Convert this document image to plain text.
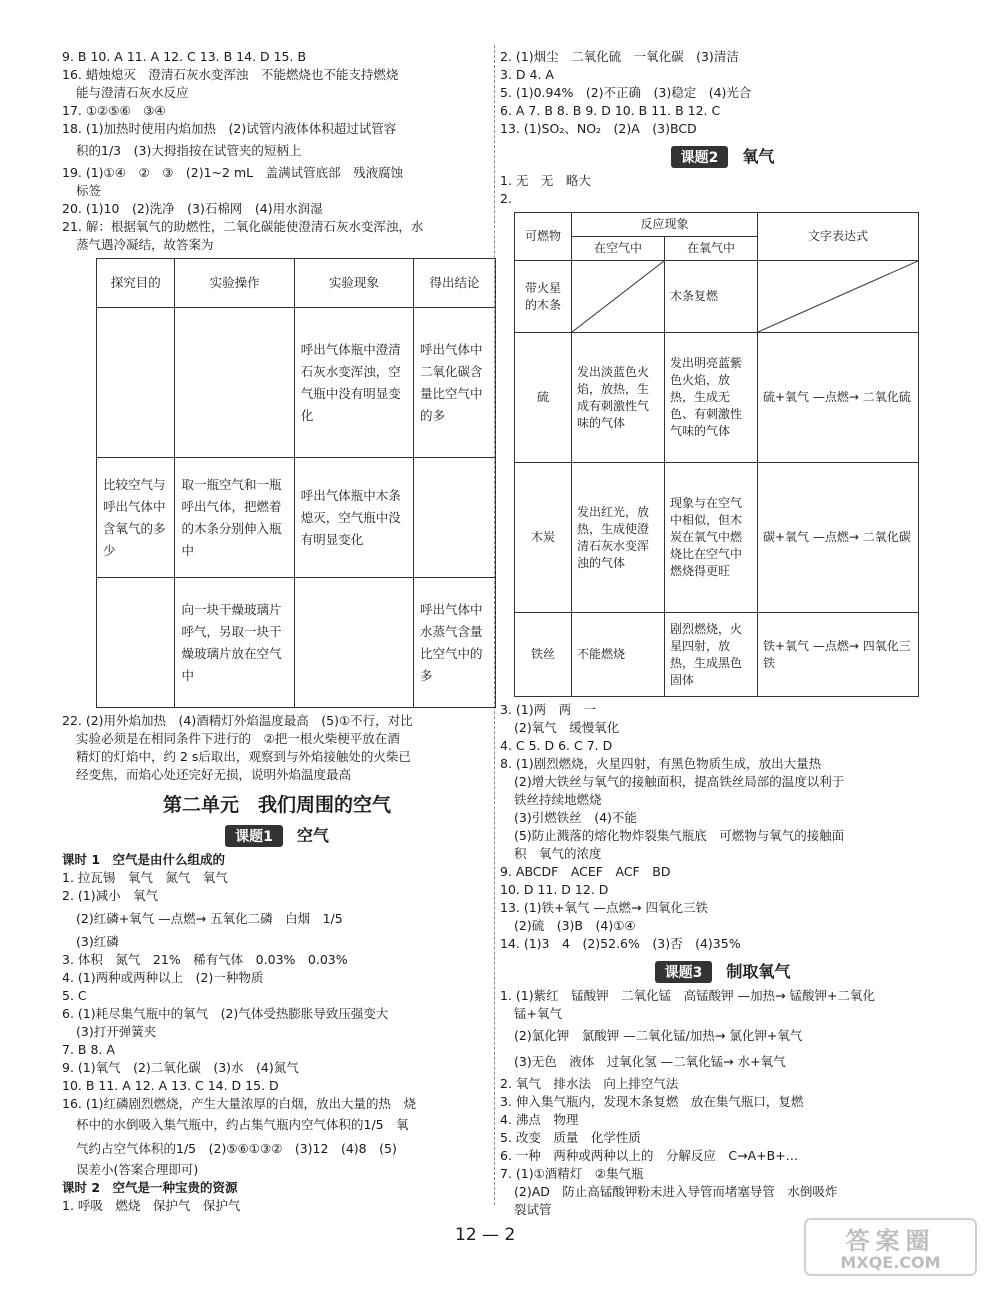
9. B 10. A 11. A 12. C 13. B 14. D 15. B
16. 蜡烛熄灭　澄清石灰水变浑浊　不能燃烧也不能支持燃烧
能与澄清石灰水反应
17. ①②⑤⑥　③④
18. (1)加热时使用内焰加热　(2)试管内液体体积超过试管容
积的1/3　(3)大拇指按在试管夹的短柄上
19. (1)①④　②　③　(2)1~2 mL　盖满试管底部　残液腐蚀
标签
20. (1)10　(2)洗净　(3)石棉网　(4)用水润湿
21. 解：根据氧气的助燃性，二氧化碳能使澄清石灰水变浑浊，水
蒸气遇冷凝结，故答案为
探究目的	实验操作	实验现象	得出结论
		呼出气体瓶中澄清石灰水变浑浊，空气瓶中没有明显变化	呼出气体中二氧化碳含量比空气中的多
比较空气与呼出气体中含氧气的多少	取一瓶空气和一瓶呼出气体，把燃着的木条分别伸入瓶中	呼出气体瓶中木条熄灭，空气瓶中没有明显变化	
	向一块干燥玻璃片呼气，另取一块干燥玻璃片放在空气中		呼出气体中水蒸气含量比空气中的多
22. (2)用外焰加热　(4)酒精灯外焰温度最高　(5)①不行，对比
实验必须是在相同条件下进行的　②把一根火柴梗平放在酒
精灯的灯焰中，约 2 s后取出，观察到与外焰接触处的火柴已
经变焦，而焰心处还完好无损，说明外焰温度最高
第二单元　我们周围的空气
课题1 空气
课时 1　空气是由什么组成的
1. 拉瓦锡　氧气　氮气　氧气
2. (1)减小　氧气
(2)红磷+氧气 —点燃→ 五氧化二磷　白烟　1/5
(3)红磷
3. 体积　氮气　21%　稀有气体　0.03%　0.03%
4. (1)两种或两种以上　(2)一种物质
5. C
6. (1)耗尽集气瓶中的氧气　(2)气体受热膨胀导致压强变大
(3)打开弹簧夹
7. B 8. A
9. (1)氧气　(2)二氧化碳　(3)水　(4)氮气
10. B 11. A 12. A 13. C 14. D 15. D
16. (1)红磷剧烈燃烧，产生大量浓厚的白烟，放出大量的热　烧
杯中的水倒吸入集气瓶中，约占集气瓶内空气体积的1/5　氧
气约占空气体积的1/5　(2)⑤⑥①③②　(3)12　(4)8　(5)
误差小(答案合理即可)
课时 2　空气是一种宝贵的资源
1. 呼吸　燃烧　保护气　保护气
2. (1)烟尘　二氧化硫　一氧化碳　(3)清洁
3. D 4. A
5. (1)0.94%　(2)不正确　(3)稳定　(4)光合
6. A 7. B 8. B 9. D 10. B 11. B 12. C
13. (1)SO₂、NO₂　(2)A　(3)BCD
课题2 氧气
1. 无　无　略大
2.
可燃物	反应现象		文字表达式
	在空气中	在氧气中	
带火星的木条		木条复燃	

硫	发出淡蓝色火焰，放热，生成有刺激性气味的气体	发出明亮蓝紫色火焰，放热，生成无色、有刺激性气味的气体	硫+氧气 —点燃→ 二氧化硫
木炭	发出红光，放热，生成使澄清石灰水变浑浊的气体	现象与在空气中相似，但木炭在氧气中燃烧比在空气中燃烧得更旺	碳+氧气 —点燃→ 二氧化碳
铁丝	不能燃烧	剧烈燃烧，火星四射，放热，生成黑色固体	铁+氧气 —点燃→ 四氧化三铁
3. (1)两　两　一
(2)氧气　缓慢氧化
4. C 5. D 6. C 7. D
8. (1)剧烈燃烧，火星四射，有黑色物质生成，放出大量热
(2)增大铁丝与氧气的接触面积，提高铁丝局部的温度以利于
铁丝持续地燃烧
(3)引燃铁丝　(4)不能
(5)防止溅落的熔化物炸裂集气瓶底　可燃物与氧气的接触面
积　氧气的浓度
9. ABCDF　ACEF　ACF　BD
10. D 11. D 12. D
13. (1)铁+氧气 —点燃→ 四氧化三铁
(2)硫　(3)B　(4)①④
14. (1)3　4　(2)52.6%　(3)否　(4)35%
课题3 制取氧气
1. (1)紫红　锰酸钾　二氧化锰　高锰酸钾 —加热→ 锰酸钾+二氧化
锰+氧气
(2)氯化钾　氯酸钾 —二氧化锰/加热→ 氯化钾+氧气
(3)无色　液体　过氧化氢 —二氧化锰→ 水+氧气
2. 氧气　排水法　向上排空气法
3. 伸入集气瓶内，发现木条复燃　放在集气瓶口，复燃
4. 沸点　物理
5. 改变　质量　化学性质
6. 一种　两种或两种以上的　分解反应　C→A+B+…
7. (1)①酒精灯　②集气瓶
(2)AD　防止高锰酸钾粉末进入导管而堵塞导管　水倒吸炸
裂试管
12 — 2	答案圈
MXQE.COM
